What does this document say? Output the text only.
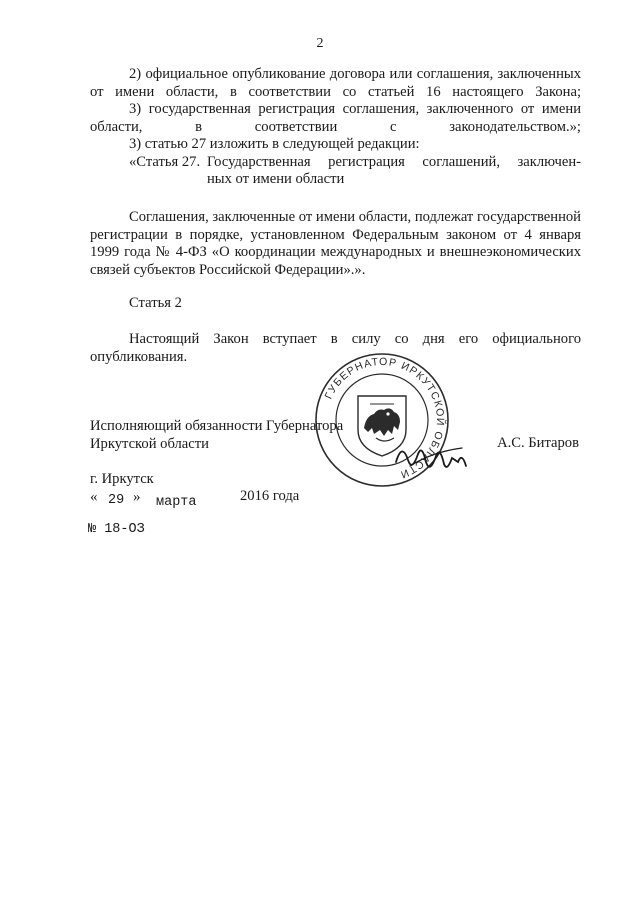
2

2) официальное опубликование договора или соглашения, заключенных от имени области, в соответствии со статьей 16 настоящего Закона;

3) государственная регистрация соглашения, заключенного от имени области, в соответствии с законодательством.»;

3) статью 27 изложить в следующей редакции:

«Статья 27. Государственная регистрация соглашений, заключен-
ных от имени области

Соглашения, заключенные от имени области, подлежат государственной регистрации в порядке, установленном Федеральным законом от 4 января 1999 года № 4-ФЗ «О координации международных и внешнеэкономических связей субъектов Российской Федерации».».

Статья 2

Настоящий Закон вступает в силу со дня его официального опубликования.

ГУБЕРНАТОР ИРКУТСКОЙ ОБЛАСТИ
Исполняющий обязанности Губернатора
Иркутской области	А.С. Битаров
г. Иркутск
« 29 » марта	2016 года
№ 18-ОЗ
